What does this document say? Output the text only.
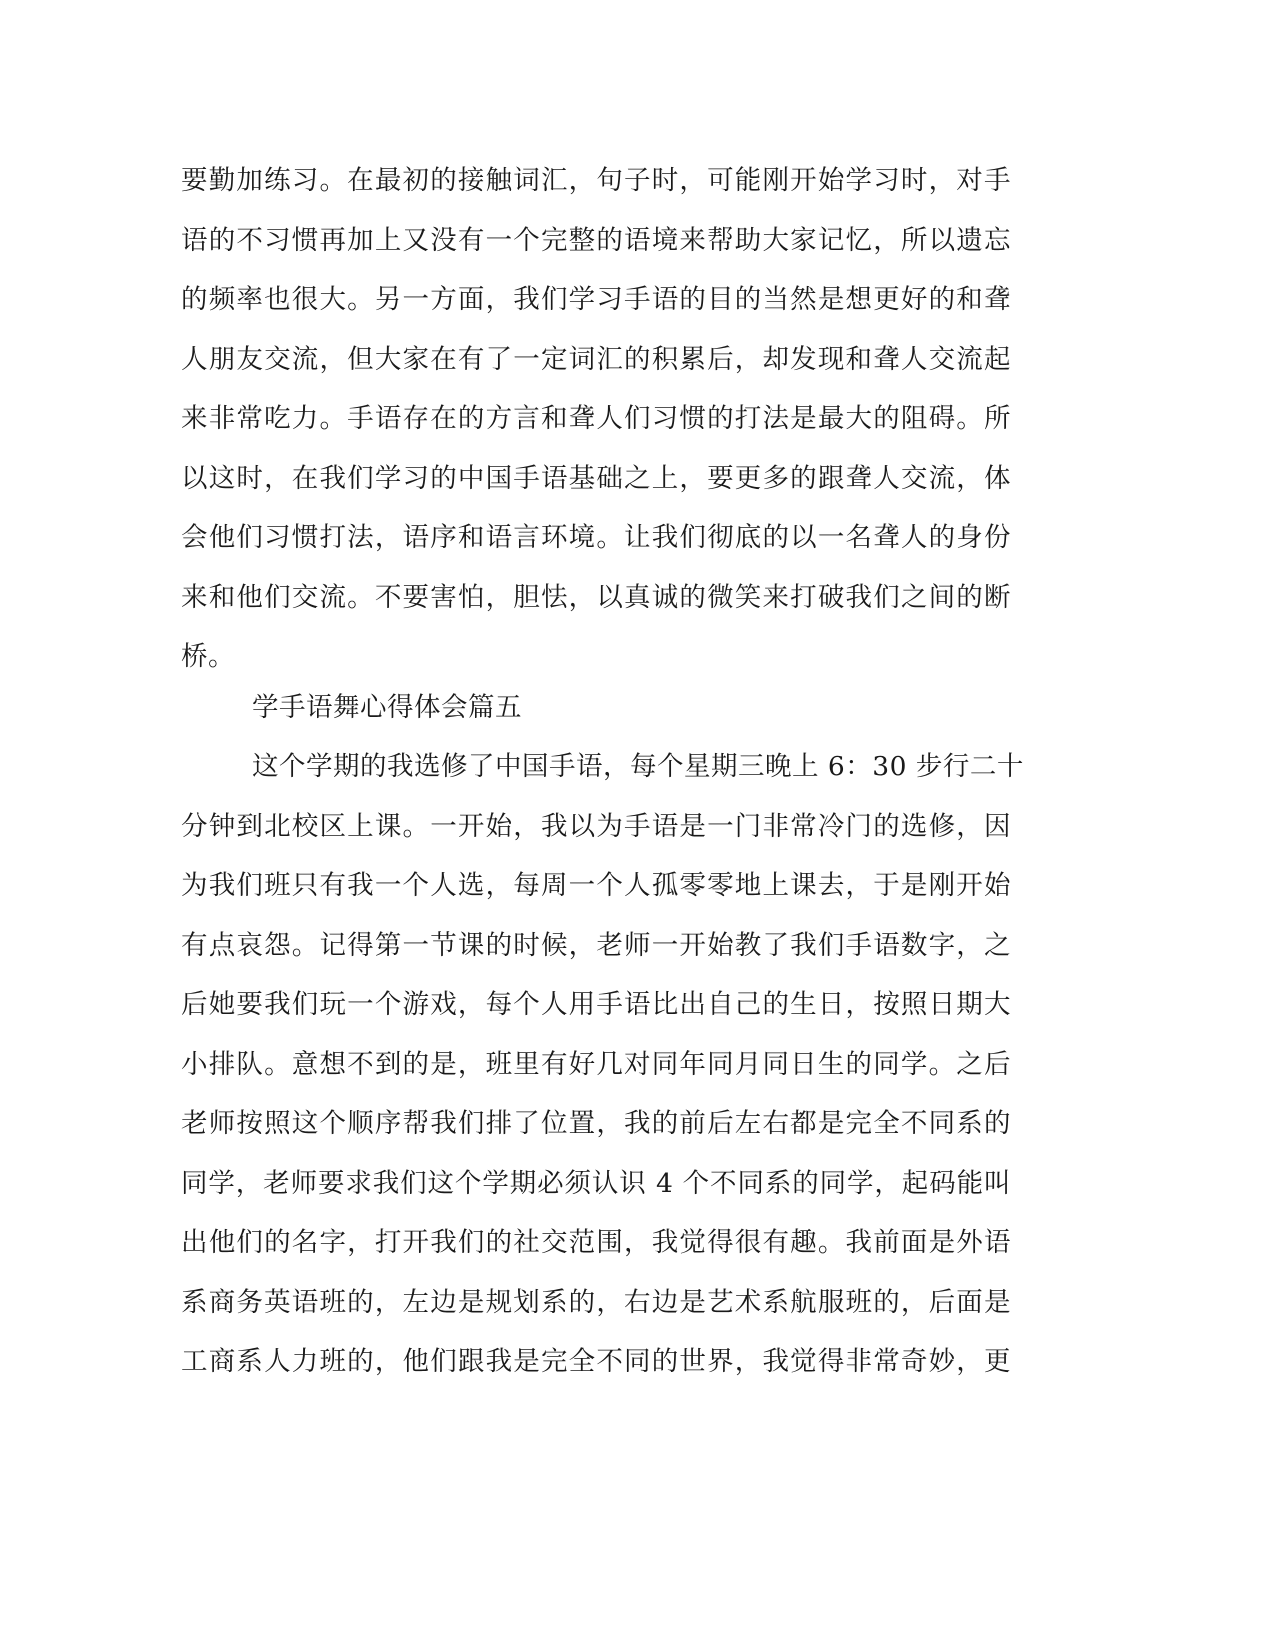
要勤加练习。在最初的接触词汇，句子时，可能刚开始学习时，对手
语的不习惯再加上又没有一个完整的语境来帮助大家记忆，所以遗忘
的频率也很大。另一方面，我们学习手语的目的当然是想更好的和聋
人朋友交流，但大家在有了一定词汇的积累后，却发现和聋人交流起
来非常吃力。手语存在的方言和聋人们习惯的打法是最大的阻碍。所
以这时，在我们学习的中国手语基础之上，要更多的跟聋人交流，体
会他们习惯打法，语序和语言环境。让我们彻底的以一名聋人的身份
来和他们交流。不要害怕，胆怯，以真诚的微笑来打破我们之间的断
桥。
学手语舞心得体会篇五
这个学期的我选修了中国手语，每个星期三晚上 6：30 步行二十
分钟到北校区上课。一开始，我以为手语是一门非常冷门的选修，因
为我们班只有我一个人选，每周一个人孤零零地上课去，于是刚开始
有点哀怨。记得第一节课的时候，老师一开始教了我们手语数字，之
后她要我们玩一个游戏，每个人用手语比出自己的生日，按照日期大
小排队。意想不到的是，班里有好几对同年同月同日生的同学。之后
老师按照这个顺序帮我们排了位置，我的前后左右都是完全不同系的
同学，老师要求我们这个学期必须认识 4 个不同系的同学，起码能叫
出他们的名字，打开我们的社交范围，我觉得很有趣。我前面是外语
系商务英语班的，左边是规划系的，右边是艺术系航服班的，后面是
工商系人力班的，他们跟我是完全不同的世界，我觉得非常奇妙，更
